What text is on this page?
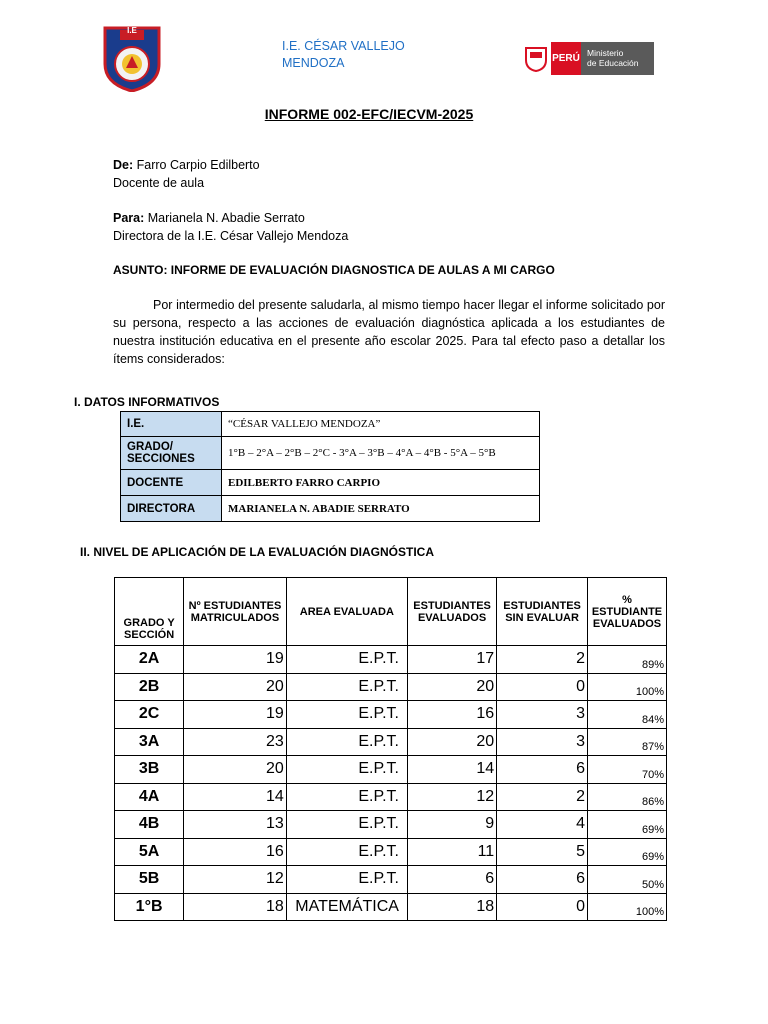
I.E
I.E. CÉSAR VALLEJO
MENDOZA	PERÚ Ministerio
de Educación
INFORME 002-EFC/IECVM-2025
De: Farro Carpio Edilberto
Docente de aula
Para: Marianela N. Abadie Serrato
Directora de la I.E. César Vallejo Mendoza
ASUNTO: INFORME DE EVALUACIÓN DIAGNOSTICA DE AULAS A MI CARGO
Por intermedio del presente saludarla, al mismo tiempo hacer llegar el informe solicitado por su persona, respecto a las acciones de evaluación diagnóstica aplicada a los estudiantes de nuestra institución educativa en el presente año escolar 2025. Para tal efecto paso a detallar los ítems considerados:
I. DATOS INFORMATIVOS
I.E.	“CÉSAR VALLEJO MENDOZA”
GRADO/ SECCIONES	1°B – 2°A – 2°B – 2°C - 3°A – 3°B – 4°A – 4°B - 5°A – 5°B
DOCENTE	EDILBERTO FARRO CARPIO
DIRECTORA	MARIANELA N. ABADIE SERRATO
II. NIVEL DE APLICACIÓN DE LA EVALUACIÓN DIAGNÓSTICA
GRADO Y SECCIÓN	Nº ESTUDIANTES MATRICULADOS	AREA EVALUADA	ESTUDIANTES EVALUADOS	ESTUDIANTES SIN EVALUAR	% ESTUDIANTE EVALUADOS
2A	19	E.P.T.	17	2	89%
2B	20	E.P.T.	20	0	100%
2C	19	E.P.T.	16	3	84%
3A	23	E.P.T.	20	3	87%
3B	20	E.P.T.	14	6	70%
4A	14	E.P.T.	12	2	86%
4B	13	E.P.T.	9	4	69%
5A	16	E.P.T.	11	5	69%
5B	12	E.P.T.	6	6	50%
1°B	18	MATEMÁTICA	18	0	100%
